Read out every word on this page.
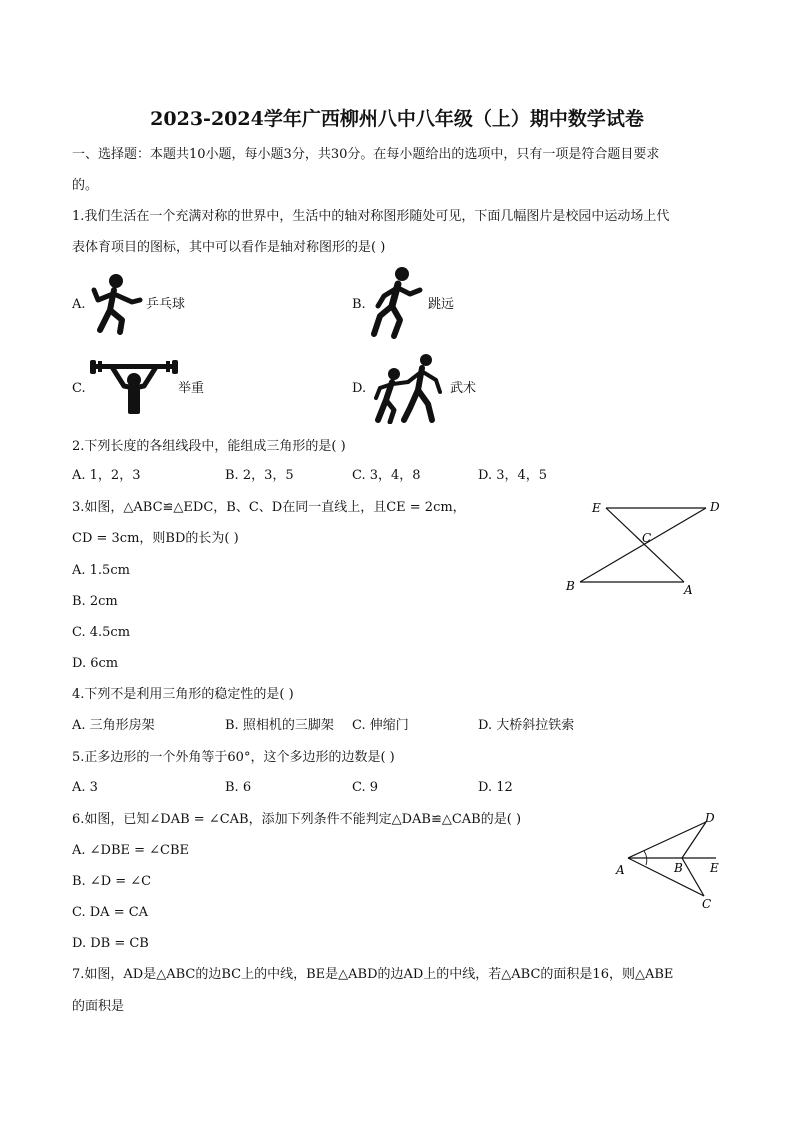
2023-2024学年广西柳州八中八年级（上）期中数学试卷
一、选择题：本题共10小题，每小题3分，共30分。在每小题给出的选项中，只有一项是符合题目要求
的。
1.我们生活在一个充满对称的世界中，生活中的轴对称图形随处可见，下面几幅图片是校园中运动场上代
表体育项目的图标，其中可以看作是轴对称图形的是( )
A.	乒乓球	B.	跳远
C.	举重	D.	武术
2.下列长度的各组线段中，能组成三角形的是( )
A. 1，2，3	B. 2，3，5	C. 3，4，8	D. 3，4，5
3.如图，△ABC≌△EDC，B、C、D在同一直线上，且CE = 2cm，
CD = 3cm，则BD的长为( )
A. 1.5cm
B. 2cm
C. 4.5cm
D. 6cm
E	D
C
B	A
4.下列不是利用三角形的稳定性的是( )
A. 三角形房架	B. 照相机的三脚架 C. 伸缩门	D. 大桥斜拉铁索
5.正多边形的一个外角等于60°，这个多边形的边数是( )
A. 3	B. 6	C. 9	D. 12
6.如图，已知∠DAB = ∠CAB，添加下列条件不能判定△DAB≌△CAB的是( )
A. ∠DBE = ∠CBE
B. ∠D = ∠C
C. DA = CA
D. DB = CB
D
A	B E
C
7.如图，AD是△ABC的边BC上的中线，BE是△ABD的边AD上的中线，若△ABC的面积是16，则△ABE
的面积是
